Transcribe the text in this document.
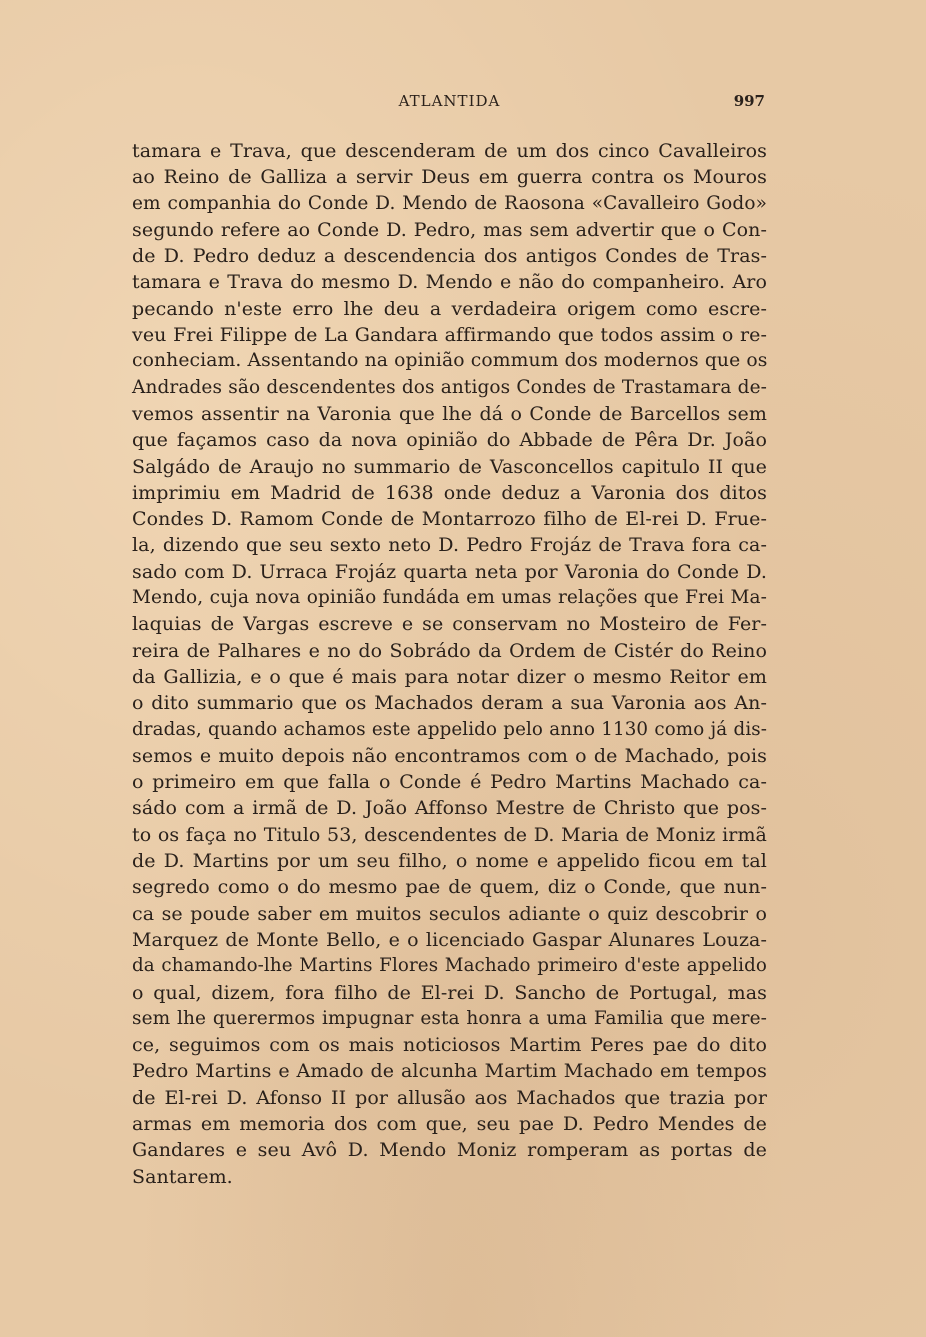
ATLANTIDA	997
tamara e Trava, que descenderam de um dos cinco Cavalleiros
ao Reino de Galliza a servir Deus em guerra contra os Mouros
em companhia do Conde D. Mendo de Raosona «Cavalleiro Godo»
segundo refere ao Conde D. Pedro, mas sem advertir que o Con-
de D. Pedro deduz a descendencia dos antigos Condes de Tras-
tamara e Trava do mesmo D. Mendo e não do companheiro. Aro
pecando n'este erro lhe deu a verdadeira origem como escre-
veu Frei Filippe de La Gandara affirmando que todos assim o re-
conheciam. Assentando na opinião commum dos modernos que os
Andrades são descendentes dos antigos Condes de Trastamara de-
vemos assentir na Varonia que lhe dá o Conde de Barcellos sem
que façamos caso da nova opinião do Abbade de Pêra Dr. João
Salgádo de Araujo no summario de Vasconcellos capitulo II que
imprimiu em Madrid de 1638 onde deduz a Varonia dos ditos
Condes D. Ramom Conde de Montarrozo filho de El-rei D. Frue-
la, dizendo que seu sexto neto D. Pedro Frojáz de Trava fora ca-
sado com D. Urraca Frojáz quarta neta por Varonia do Conde D.
Mendo, cuja nova opinião fundáda em umas relações que Frei Ma-
laquias de Vargas escreve e se conservam no Mosteiro de Fer-
reira de Palhares e no do Sobrádo da Ordem de Cistér do Reino
da Gallizia, e o que é mais para notar dizer o mesmo Reitor em
o dito summario que os Machados deram a sua Varonia aos An-
dradas, quando achamos este appelido pelo anno 1130 como já dis-
semos e muito depois não encontramos com o de Machado, pois
o primeiro em que falla o Conde é Pedro Martins Machado ca-
sádo com a irmã de D. João Affonso Mestre de Christo que pos-
to os faça no Titulo 53, descendentes de D. Maria de Moniz irmã
de D. Martins por um seu filho, o nome e appelido ficou em tal
segredo como o do mesmo pae de quem, diz o Conde, que nun-
ca se poude saber em muitos seculos adiante o quiz descobrir o
Marquez de Monte Bello, e o licenciado Gaspar Alunares Louza-
da chamando-lhe Martins Flores Machado primeiro d'este appelido
o qual, dizem, fora filho de El-rei D. Sancho de Portugal, mas
sem lhe querermos impugnar esta honra a uma Familia que mere-
ce, seguimos com os mais noticiosos Martim Peres pae do dito
Pedro Martins e Amado de alcunha Martim Machado em tempos
de El-rei D. Afonso II por allusão aos Machados que trazia por
armas em memoria dos com que, seu pae D. Pedro Mendes de
Gandares e seu Avô D. Mendo Moniz romperam as portas de
Santarem.
